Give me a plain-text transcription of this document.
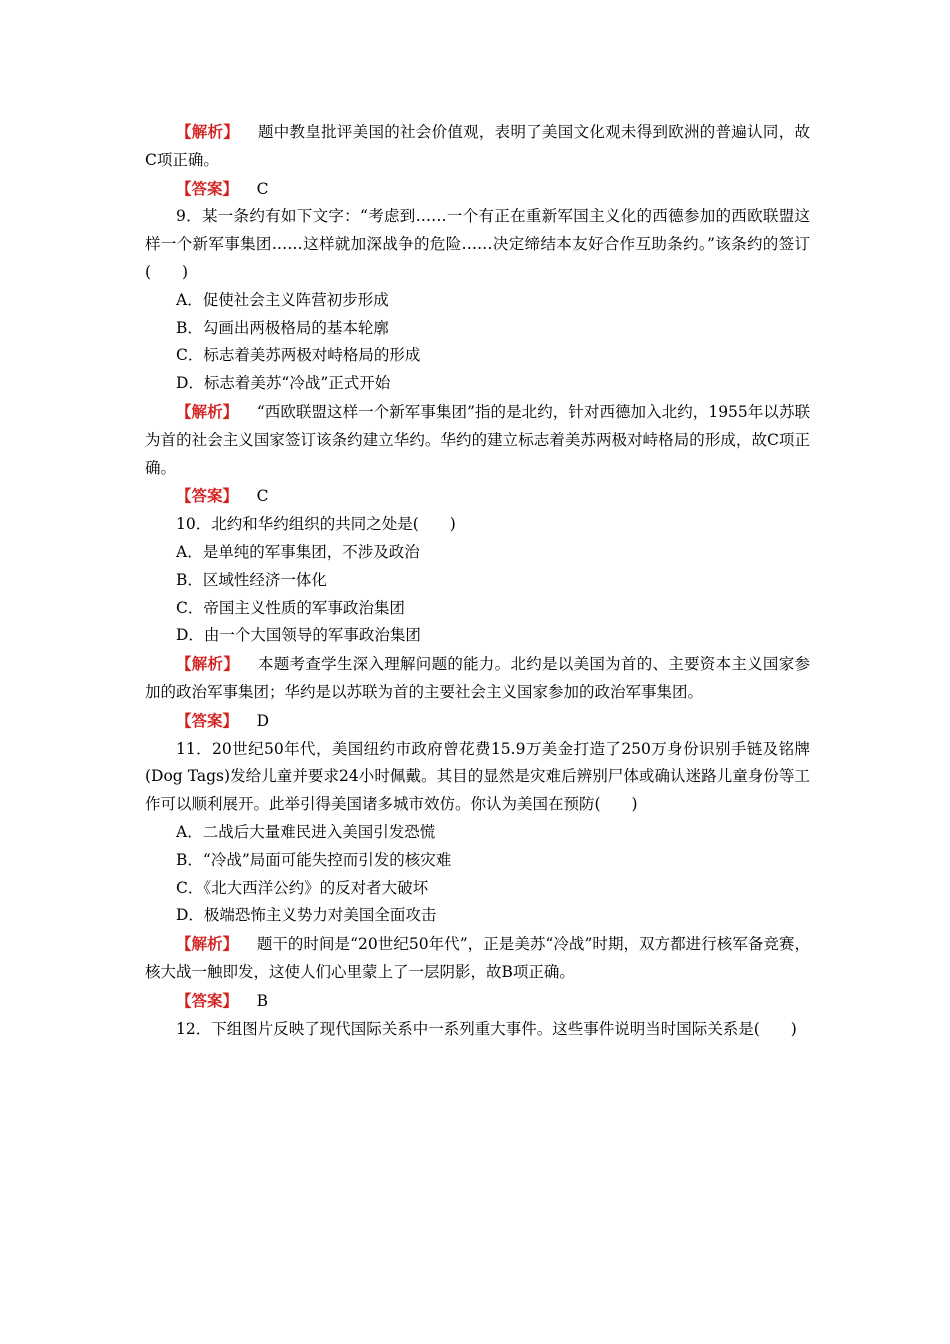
【解析】 题中教皇批评美国的社会价值观，表明了美国文化观未得到欧洲的普遍认同，故C项正确。

【答案】 C

9．某一条约有如下文字：“考虑到……一个有正在重新军国主义化的西德参加的西欧联盟这样一个新军事集团……这样就加深战争的危险……决定缔结本友好合作互助条约。”该条约的签订(　　)

A．促使社会主义阵营初步形成

B．勾画出两极格局的基本轮廓

C．标志着美苏两极对峙格局的形成

D．标志着美苏“冷战”正式开始

【解析】 “西欧联盟这样一个新军事集团”指的是北约，针对西德加入北约，1955年以苏联为首的社会主义国家签订该条约建立华约。华约的建立标志着美苏两极对峙格局的形成，故C项正确。

【答案】 C

10．北约和华约组织的共同之处是(　　)

A．是单纯的军事集团，不涉及政治

B．区域性经济一体化

C．帝国主义性质的军事政治集团

D．由一个大国领导的军事政治集团

【解析】 本题考查学生深入理解问题的能力。北约是以美国为首的、主要资本主义国家参加的政治军事集团；华约是以苏联为首的主要社会主义国家参加的政治军事集团。

【答案】 D

11．20世纪50年代，美国纽约市政府曾花费15.9万美金打造了250万身份识别手链及铭牌(Dog Tags)发给儿童并要求24小时佩戴。其目的显然是灾难后辨别尸体或确认迷路儿童身份等工作可以顺利展开。此举引得美国诸多城市效仿。你认为美国在预防(　　)

A．二战后大量难民进入美国引发恐慌

B．“冷战”局面可能失控而引发的核灾难

C．《北大西洋公约》的反对者大破坏

D．极端恐怖主义势力对美国全面攻击

【解析】 题干的时间是“20世纪50年代”，正是美苏“冷战”时期，双方都进行核军备竞赛，核大战一触即发，这使人们心里蒙上了一层阴影，故B项正确。

【答案】 B

12．下组图片反映了现代国际关系中一系列重大事件。这些事件说明当时国际关系是(　　)
